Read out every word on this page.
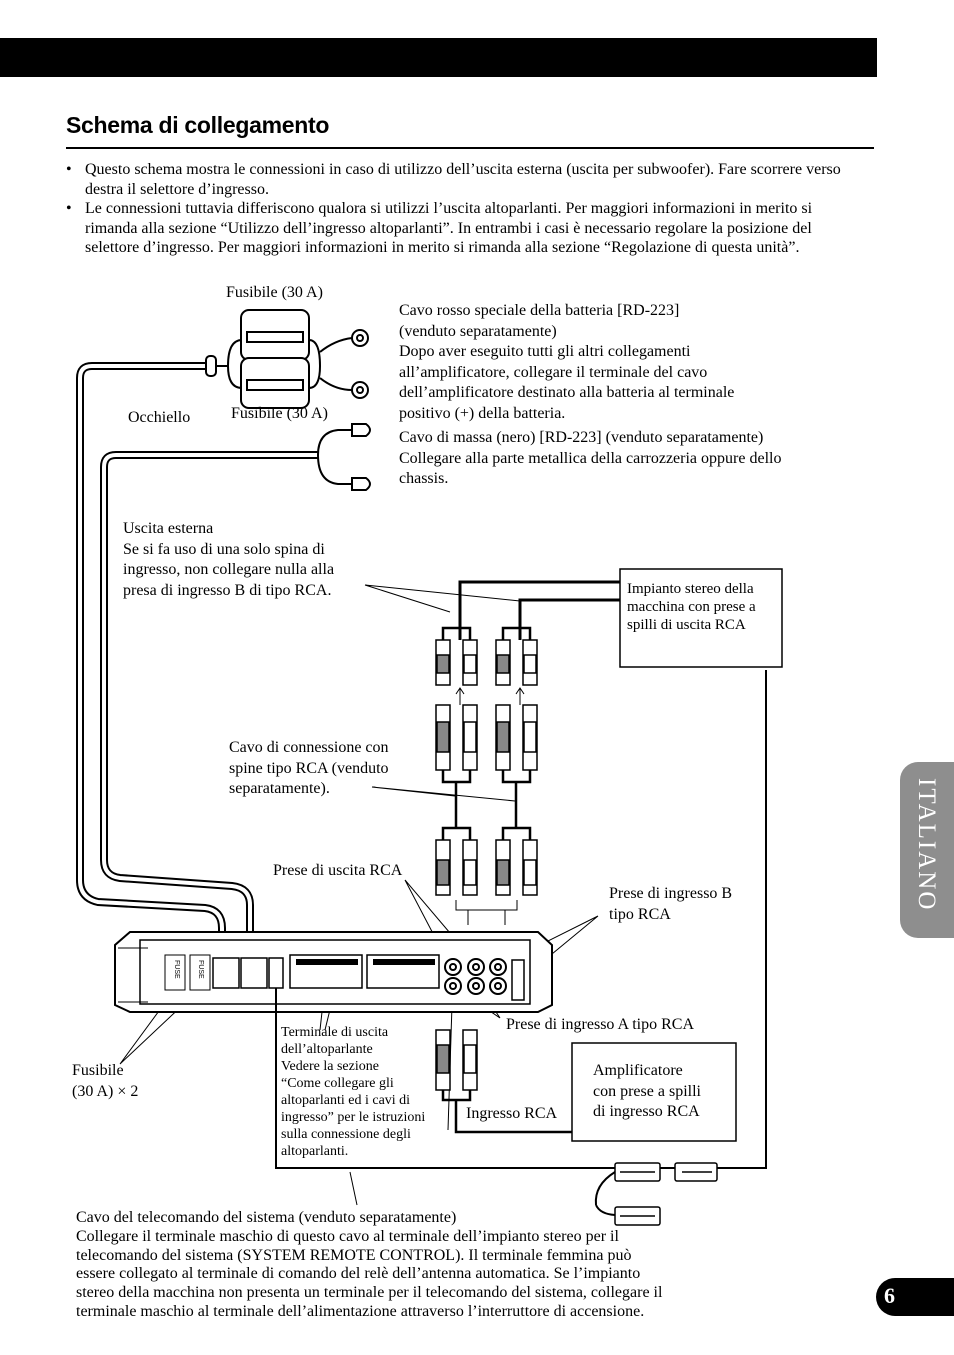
Schema di collegamento
• Questo schema mostra le connessioni in caso di utilizzo dell’uscita esterna (uscita per subwoofer). Fare scorrere verso destra il selettore d’ingresso.
• Le connessioni tuttavia differiscono qualora si utilizzi l’uscita altoparlanti. Per maggiori informazioni in merito si rimanda alla sezione “Utilizzo dell’ingresso altoparlanti”. In entrambi i casi è necessario regolare la posizione del selettore d’ingresso. Per maggiori informazioni in merito si rimanda alla sezione “Regolazione di questa unità”.
FUSE FUSE
Fusibile (30 A)
Fusibile (30 A)
Occhiello
Cavo rosso speciale della batteria [RD-223]
(venduto separatamente)
Dopo aver eseguito tutti gli altri collegamenti
all’amplificatore, collegare il terminale del cavo
dell’amplificatore destinato alla batteria al terminale
positivo (+) della batteria.
Cavo di massa (nero) [RD-223] (venduto separatamente)
Collegare alla parte metallica della carrozzeria oppure dello
chassis.
Uscita esterna
Se si fa uso di una solo spina di
ingresso, non collegare nulla alla
presa di ingresso B di tipo RCA.	Impianto stereo della
macchina con prese a
spilli di uscita RCA
Cavo di connessione con
spine tipo RCA (venduto
separatamente).
Prese di uscita RCA
Prese di ingresso B
tipo RCA
Prese di ingresso A tipo RCA
Terminale di uscita
dell’altoparlante
Vedere la sezione
“Come collegare gli
altoparlanti ed i cavi di
ingresso” per le istruzioni
sulla connessione degli
altoparlanti.
Fusibile
(30 A) × 2
Ingresso RCA
Amplificatore
con prese a spilli
di ingresso RCA
Cavo del telecomando del sistema (venduto separatamente)
Collegare il terminale maschio di questo cavo al terminale dell’impianto stereo per il
telecomando del sistema (SYSTEM REMOTE CONTROL). Il terminale femmina può
essere collegato al terminale di comando del relè dell’antenna automatica. Se l’impianto
stereo della macchina non presenta un terminale per il telecomando del sistema, collegare il
terminale maschio al terminale dell’alimentazione attraverso l’interruttore di accensione.
ITALIANO
6
